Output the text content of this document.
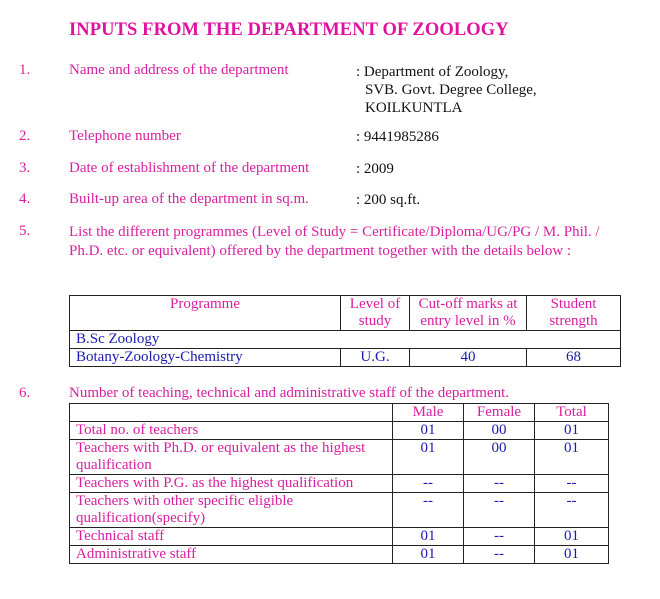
INPUTS FROM THE DEPARTMENT OF ZOOLOGY
1.	Name and address of the department	: Department of Zoology,
SVB. Govt. Degree College,
KOILKUNTLA
2.	Telephone number	: 9441985286
3.	Date of establishment of the department	: 2009
4.	Built-up area of the department in sq.m.	: 200 sq.ft.
5.	List the different programmes (Level of Study = Certificate/Diploma/UG/PG / M. Phil. / Ph.D. etc. or equivalent) offered by the department together with the details below :
Programme	Level of study	Cut-off marks at entry level in %	Student strength
B.Sc Zoology			
Botany-Zoology-Chemistry	U.G.	40	68
6.	Number of teaching, technical and administrative staff of the department.
	Male	Female	Total
Total no. of teachers	01	00	01
Teachers with Ph.D. or equivalent as the highest qualification	01	00	01
Teachers with P.G. as the highest qualification	--	--	--
Teachers with other specific eligible qualification(specify)	--	--	--
Technical staff	01	--	01
Administrative staff	01	--	01
